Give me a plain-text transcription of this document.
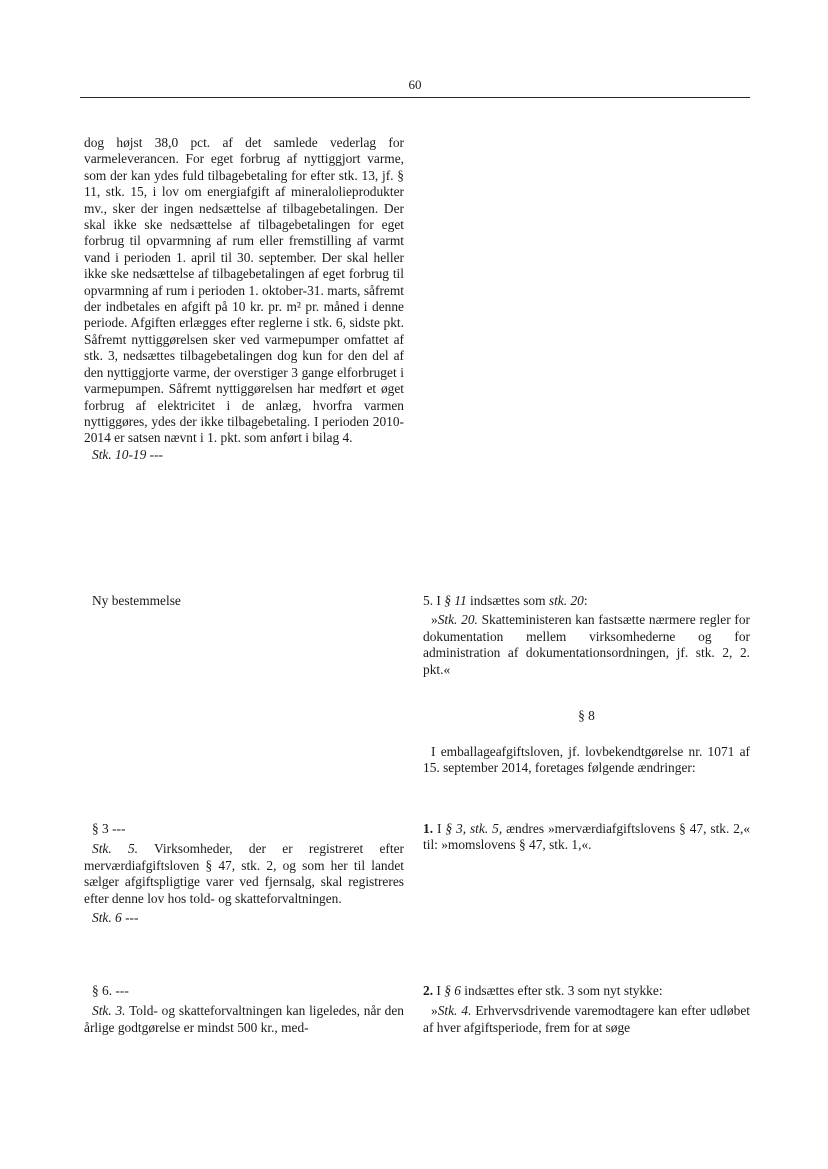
60

dog højst 38,0 pct. af det samlede vederlag for varmeleverancen. For eget forbrug af nyttiggjort varme, som der kan ydes fuld tilbagebetaling for efter stk. 13, jf. § 11, stk. 15, i lov om energiafgift af mineralolieprodukter mv., sker der ingen nedsættelse af tilbagebetalingen. Der skal ikke ske nedsættelse af tilbagebetalingen for eget forbrug til opvarmning af rum eller fremstilling af varmt vand i perioden 1. april til 30. september. Der skal heller ikke ske nedsættelse af tilbagebetalingen af eget forbrug til opvarmning af rum i perioden 1. oktober-31. marts, såfremt der indbetales en afgift på 10 kr. pr. m² pr. måned i denne periode. Afgiften erlægges efter reglerne i stk. 6, sidste pkt. Såfremt nyttiggørelsen sker ved varmepumper omfattet af stk. 3, nedsættes tilbagebetalingen dog kun for den del af den nyttiggjorte varme, der overstiger 3 gange elforbruget i varmepumpen. Såfremt nyttiggørelsen har medført et øget forbrug af elektricitet i de anlæg, hvorfra varmen nyttiggøres, ydes der ikke tilbagebetaling. I perioden 2010-2014 er satsen nævnt i 1. pkt. som anført i bilag 4.

Stk. 10-19 ---

Ny bestemmelse

§ 3 ---

Stk. 5. Virksomheder, der er registreret efter merværdiafgiftsloven § 47, stk. 2, og som her til landet sælger afgiftspligtige varer ved fjernsalg, skal registreres efter denne lov hos told- og skatteforvaltningen.

Stk. 6 ---

§ 6. ---

Stk. 3. Told- og skatteforvaltningen kan ligeledes, når den årlige godtgørelse er mindst 500 kr., med-

5. I § 11 indsættes som stk. 20:

»Stk. 20. Skatteministeren kan fastsætte nærmere regler for dokumentation mellem virksomhederne og for administration af dokumentationsordningen, jf. stk. 2, 2. pkt.«

§ 8

I emballageafgiftsloven, jf. lovbekendtgørelse nr. 1071 af 15. september 2014, foretages følgende ændringer:

1. I § 3, stk. 5, ændres »merværdiafgiftslovens § 47, stk. 2,« til: »momslovens § 47, stk. 1,«.

2. I § 6 indsættes efter stk. 3 som nyt stykke:

»Stk. 4. Erhvervsdrivende varemodtagere kan efter udløbet af hver afgiftsperiode, frem for at søge
